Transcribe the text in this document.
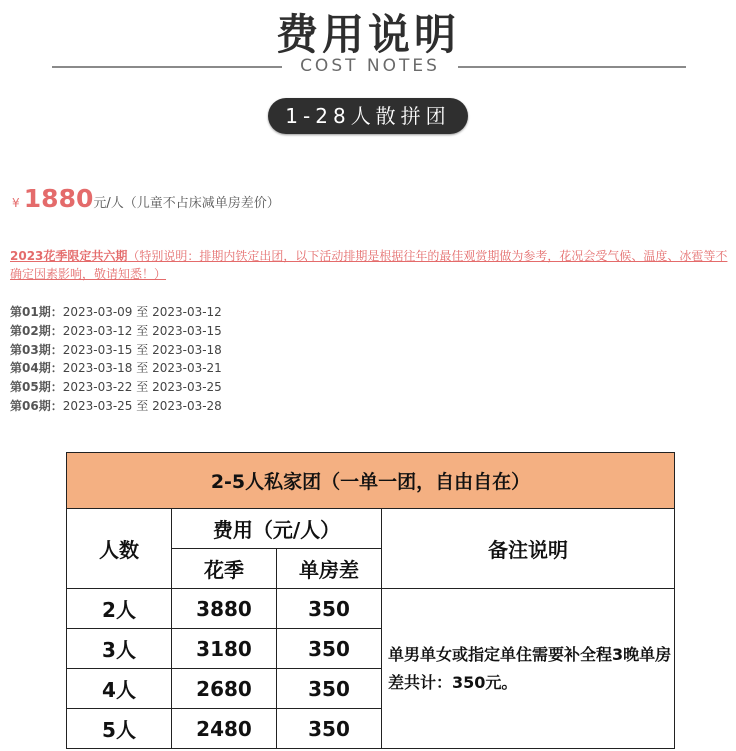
费用说明
COST NOTES
1-28人散拼团
¥ 1880元/人（儿童不占床减单房差价）
2023花季限定共六期（特别说明：排期内铁定出团，以下活动排期是根据往年的最佳观赏期做为参考，花况会受气候、温度、冰雹等不确定因素影响，敬请知悉！）
第01期：2023-03-09 至 2023-03-12
第02期：2023-03-12 至 2023-03-15
第03期：2023-03-15 至 2023-03-18
第04期：2023-03-18 至 2023-03-21
第05期：2023-03-22 至 2023-03-25
第06期：2023-03-25 至 2023-03-28
2-5人私家团（一单一团，自由自在）			
人数	费用（元/人）		备注说明
	花季	单房差	
2人	3880	350	单男单女或指定单住需要补全程3晚单房差共计：350元。
3人	3180	350	
4人	2680	350	
5人	2480	350	
